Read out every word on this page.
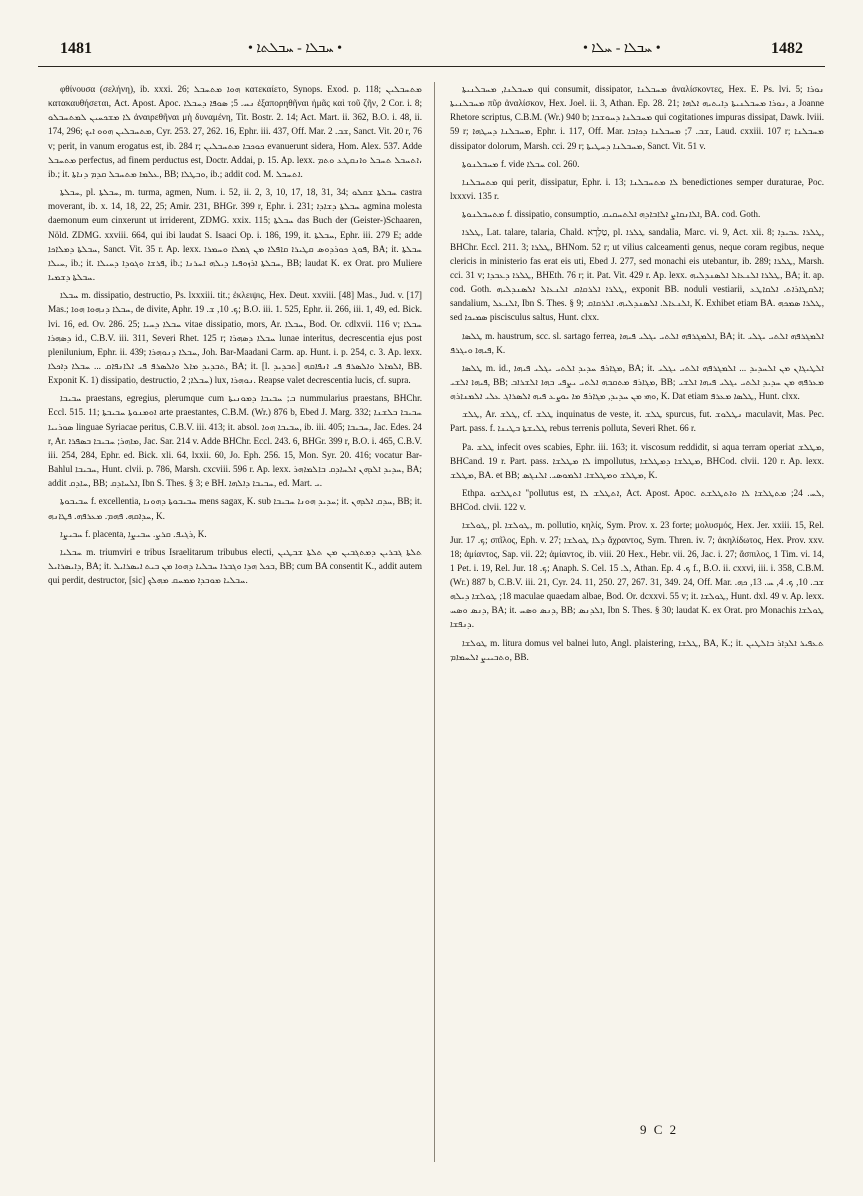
1481	• ܚܒܠܐ - ܚܒܠܬܐ •	• ܚܒܠܐ - ܚܠܐ •	1482

φθίνουσα (σελήνη), ib. xxxi. 26; ܗܘܐ ܡܬܚܒܠ κατεκαίετο, Synops. Exod. p. 118; ܡܬܚܒܠܝܢ κατακαυθήσεται, Act. Apost. Apoc. ܢܚ. 5; ܣܘܦܐ ܕܚܒܠܐ ἐξαπορηθῆναι ἡμᾶς καὶ τοῦ ζῆν, 2 Cor. i. 8; ܠܐ ܡܫܟܚܝܢ ܠܡܬܚܒܠܘ ἀναιρεθῆναι μὴ δυναμένη, Tit. Bostr. 2. 14; Act. Mart. ii. 362, B.O. i. 48, ii. 174, 296; ܡܬܚܒܠܝܢ ܗܘܘ ܐܝܟ, Cyr. 253. 27, 262. 16, Ephr. iii. 437, Off. Mar. ܫܒ. 2, Sanct. Vit. 20 r, 76 v; perit, in vanum erogatus est, ib. 284 r; ܟܘܟܒܐ ܡܬܚܒܠܝܢ evanuerunt sidera, Hom. Alex. 537. Adde ܡܬܚܒܠ perfectus, ad finem perductus est, Doctr. Addai, p. 15. Ap. lexx. ܐܬܚܒܠ ܬܚܒܠ ܘܐܢܩܛܥ ܘܬܡ، ib.; it. ܥܠܡܐ ܡܬܚܒܠ ܩܕܡ ܕܢܐܬܐ, BB; ܘܒܛܠܐ, ib.; addit cod. M. ܐܬܚܒܠ.

ܚܒܠܬܐ, pl. ܚܒܠܬܐ, m. turma, agmen, Num. i. 52, ii. 2, 3, 10, 17, 18, 31, 34; ܚܒܠܬܐ ܫܩܠܘ castra moverant, ib. x. 14, 18, 22, 25; Amir. 231, BHGr. 399 r, Ephr. i. 231; ܚܒܠܬܐ ܕܫܐܕܐ agmina molesta daemonum eum cinxerunt ut irriderent, ZDMG. xxix. 115; ܚܒܠܬܐ das Buch der (Geister-)Schaaren, Nöld. ZDMG. xxviii. 664, qui ibi laudat S. Isaaci Op. i. 186, 199, it. ܚܒܠܬܐ, Ephr. iii. 279 E; adde ܚܒܠܬܐ ܕܡܠܐܟܐ, Sanct. Vit. 35 r. Ap. lexx. ܦܘܓ ܟܘܪܕܘܣ ܩܛܝܪܐ ܩܐܦܠܐ ܡܢ ܓܡܠܐ ܘܚܡܪܐ, BA; it. ܚܒܠܬܐ ܚܝܠܐ, ib.; it. ܦܪܫܐ ܘܓܘܕܐ ܕܚܝܠܐ, ib.; ܚܒܠܬܐ ܐܪܙܘܦܝܐ ܕܝܠܗ ܐܚܪܢܐ, BB; laudat K. ex Orat. pro Muliere ܚܒܠܬܐ ܕܫܡܝܐ.

ܚܒܠܐ m. dissipatio, destructio, Ps. lxxxiii. tit.; ἐκλειψις, Hex. Deut. xxviii. [48] Mas., Jud. v. [17] Mas.; ܚܒܠܐ ܕܢܗܘܐ ܗܘܐ, de divite, Aphr. ܟ. 10, ܫ. 19; B.O. iii. 1. 525, Ephr. ii. 266, iii. 1, 49, ed. Bick. lvi. 16, ed. Ov. 286. 25; ܚܒܠܐ ܕܚܝܐ vitae dissipatio, mors, Ar. ܚܒܠܐ, Bod. Or. cdlxvii. 116 v; ܚܒܠܐ ܕܣܗܪܐ id., C.B.V. iii. 311, Severi Rhet. 125 r; ܚܒܠܐ ܕܣܗܪܐ lunae interitus, decrescentia ejus post plenilunium, Ephr. ii. 439; ܚܒܠܐ ܕܢܘܗܪܐ, Joh. Bar-Maadani Carm. ap. Hunt. i. p. 254, c. 3. Ap. lexx. ܬܒܕܝܕ ܡܐܠ ܘܐܠܣܪܦ ܦܝ ܐܠܐܢܦܐܩ ... ܚܒܠܐ ܕܐܟܠܐ, BA; it. [l. ܬܒܕܝܕ] ܐܠܡܐܠ ܘܐܠܣܪܦ ܦܝ ܐܢܦܐܩܗ, BB. Exponit K. 1) dissipatio, destructio, ܚܒܠܐ; 2) lux, ܢܘܗܪܐ. Reapse valet decrescentia lucis, cf. supra.

ܚܒܝܒܐ praestans, egregius, plerumque cum ܒ; ܚܒܝܒܐ ܕܡܘܢܝܬܐ nummularius praestans, BHChr. Eccl. 515. 11; ܐܘܡܢܘܬܐ ܚܒܝܒܬܐ arte praestantes, C.B.M. (Wr.) 876 b, Ebed J. Marg. 332; ܚܒܝܒܐ ܒܠܫܢܐ ܣܘܪܝܝܐ linguae Syriacae peritus, C.B.V. iii. 413; it. absol. ܚܒܝܒܐ ܗܘܐ, ib. iii. 405; ܚܒܝܒܐ, Jac. Edes. 24 r, Ar. ܡܐܗܪ; ܚܒܝܒܐ ܒܣܦܪܐ, Jac. Sar. 214 v. Adde BHChr. Eccl. 243. 6, BHGr. 399 r, B.O. i. 465, C.B.V. iii. 254, 284, Ephr. ed. Bick. xli. 64, lxxii. 60, Jo. Eph. 256. 15, Mon. Syr. 20. 416; vocatur Bar-Bahlul ܚܒܝܒܐ, Hunt. clvii. p. 786, Marsh. cxcviii. 596 r. Ap. lexx. ܚܕܝܕ ܐܠܕܗܢ ܐܠܚܐܕܩ ܒܐܠܡܐܗܪ, BA; addit ܚܐܕܩ, BB; ܐܠܚܐܕܩ, Ibn S. Thes. § 3; e BH. ܚܒܝܒܐ ܕܐܠܗܐ, ed. Mart. ܝ.

ܚܒܝܒܘܬܐ f. excellentia, ܚܒܝܒܘܬܐ ܕܗܘܢܐ mens sagax, K. sub ܚܕܝܕ ܗܘܢܐ ܚܒܝܒܐ; it. ܚܕܩ ܐܠܕܗܢ, BB; it. ܚܕܐܩܗ. ܦܗܡ. ܡܥܪܦܗ. ܦܛܐܢܗ, K.

ܚܒܝܨܐ f. placenta, ܪܓܝܦ. ܩܪܨ. ܚܒܝܨܐ, K.

ܚܒܠܝܐ m. triumviri e tribus Israelitarum tribubus electi, ܬܠܬܐ ܓܒܪܝܢ ܕܡܬܓܒܝܢ ܡܢ ܬܠܬܐ ܫܒܛܝܢ ܕܐܝܣܪܐܝܠ, BA; it. ܒܟܠ ܗܕܐ ܘܓܒܪܐ ܚܒܠܝܐ ܕܗܘܐ ܡܢ ܒܝܬ ܐܝܣܪܐܝܠ, BB; cum BA consentit K., addit autem qui perdit, destructor, [sic] ܚܒܠܝܐ ܡܘܒܕܐ ܡܡܚܩ ܡܗܠܟ.

ܡܚܒܠܢܐ, ܡܚܒܠܢܝܬܐ qui consumit, dissipator, ܡܚܒܠܢܐ ἀναλίσκοντες, Hex. E. Ps. lvi. 5; ܢܘܪܐ ܡܚܒܠܢܝܬܐ πῦρ ἀναλίσκον, Hex. Joel. ii. 3, Athan. Ep. 28. 21; ܢܘܪܐ ܡܚܒܠܢܝܬܐ ܕܐܝܬܝܗ ܐܠܗܐ, a Joanne Rhetore scriptus, C.B.M. (Wr.) 940 b; ܡܚܒܠܢܐ ܕܚܘܫܒܐ qui cogitationes impuras dissipat, Dawk. lviii. 59 r; ܡܚܒܠܢܐ ܕܚܛܗܐ, Ephr. i. 117, Off. Mar. ܫܒ. 7; ܡܚܒܠܢܐ ܕܟܐܒܐ, Laud. cxxiii. 107 r; ܡܚܒܠܢܐ dissipator dolorum, Marsh. cci. 29 r; ܡܚܒܠܢܐ ܕܚܛܝܬܐ, Sanct. Vit. 51 v.

ܡܚܒܠܢܘܬܐ f. vide ܚܒܠܐ col. 260.

ܡܬܚܒܠܢܐ qui perit, dissipatur, Ephr. i. 13; ܠܐ ܡܬܚܒܠܢܐ benedictiones semper duraturae, Poc. lxxxvi. 135 r.

ܡܬܚܒܠܢܘܬܐ f. dissipatio, consumptio, ܐܠܐܢܩܐܨ ܐܠܐܒܐܕܗ ܐܠܬܚܩܝܩ, BA. cod. Goth.

ܛܠܪܐ, Lat. talare, talaria, Chald. טַלְרָא, pl. ܛܠܪܐ sandalia, Marc. vi. 9, Act. xii. 8; ܛܠܪܐ ܥܒܝܕܐ, BHChr. Eccl. 211. 3; ܛܠܪܐ, BHNom. 52 r; ut vilius calceamenti genus, neque coram regibus, neque clericis in ministerio fas erat eis uti, Ebed J. 277, sed monachi eis utebantur, ib. 289; ܛܠܪܐ, Marsh. cci. 31 v; ܛܠܪܐ ܕܥܒܕܐ, BHEth. 76 r; it. Pat. Vit. 429 r. Ap. lexx. ܛܠܪܐ ܐܠܢܥܐܠ ܐܠܣܢܕܠܝܗ, BA; it. ap. cod. Goth. ܛܠܪܐ ܐܠܪܩܐܩ ܐܠܢܥܐܠ ܐܠܣܢܕܠܝܗ, exponit BB. noduli vestiarii, ܐܠܩܛܐܪܐܬ. ܐܠܩܐܛܥ; sandalium, ܐܠܢܥܠ, Ibn S. Thes. § 9; ܐܠܢܥܐܠ. ܐܠܣܢܕܠܝܗ. ܐܠܪܩܐܩ, K. Exhibet etiam BA. ܛܠܪܐ ܣܡܟܗ, sed ܣܡܝܟܐ piscisculus saltus, Hunt. clxx.

ܛܠܣܐ m. haustrum, scc. sl. sartago ferrea, ܐܠܡܓܪܦܗ ܐܠܬܝ ܝܓܠܝ ܦܝܗܐ, BA; it. ܐܠܡܓܪܦܗ ܐܠܬܝ ܝܓܠܝ ܦܝܗܐ ܘܝܓܪܦ, K.

ܛܠܣܐ m. id., ܡܓܐܪܦ ܚܕܝܕ ܐܠܬܝ ܝܓܠܝ ܦܝܗܐ, BA; it. ܐܠܛܝܓܐܢ ܡܢ ܐܠܚܕܝܕ ... ܐܠܡܓܪܦܗ ܐܠܬܝ ܝܓܠܝ ܦܝܗܐ ܐܠܫܝ, BB; ܡܓܐܪܦ ܡܬܩܒܗ ܐܠܬܝ ܝܨܦܝ ܒܗܐ ܐܠܫܪܐܒ, BB; ܡܥܪܦܗ ܡܢ ܚܕܝܕ ܐܠܬܝ ܝܓܠܝ ܦܝܗܐ ܐܠܫܝ ܘܗܝ ܡܢ ܚܕܝܕ, ܡܓܐܪܦ ܡܐ ܝܘܨܥ ܦܝܗ ܐܠܣܪܐܓ ܥܠܝ ܐܠܡܢܐܪܗ, K. Dat etiam ܛܠܣܐ ܡܥܪܦ, Hunt. clxx.

ܛܠܫ, Ar. ܛܠܫ, cf. ܛܠܫ inquinatus de veste, it. ܛܠܫ spurcus, fut. ܢܛܠܘܫ maculavit, Mas. Pec. Part. pass. f. ܛܠܝܫܬܐ ܒܛܝܢܐ rebus terrenis polluta, Severi Rhet. 66 r.

Pa. ܛܠܫ infecit oves scabies, Ephr. iii. 163; it. viscosum reddidit, si aqua terram operiat ܡܛܠܫ, BHCand. 19 r. Part. pass. ܠܐ ܡܛܠܫܐ impollutus, ܡܛܠܫܐ ܕܡܛܠܫܐ, BHCod. clvii. 120 r. Ap. lexx. ܡܛܠܫ, BA. et BB; ܡܛܠܫ ܘܡܛܠܫܐ. ܐܠܡܘܣܝ. ܐܠܢܓܣ, K.

Ethpa. ܐܬܛܠܫܘ "pollutus est, ܐܬܛܠܫ ܠܐ, Act. Apost. Apoc. ܠܚ. 24; ܡܬܛܠܫܐ ܠܐ ܘܐܬܛܠܫܬ, BHCod. clvii. 122 v.

ܛܘܠܫܐ, pl. ܛܘܠܫܐ, m. pollutio, κηλίς, Sym. Prov. x. 23 forte; μολυσμός, Hex. Jer. xxiii. 15, Rel. Jur. ܟ. 17; σπῖλος, Eph. v. 27; ܕܠܐ ܛܘܠܫܐ ἄχραντος, Sym. Thren. iv. 7; ἀκηλίδωτος, Hex. Prov. xxv. 18; ἀμίαντος, Sap. vii. 22; ἀμίαντος, ib. viii. 20 Hex., Hebr. vii. 26, Jac. i. 27; ἄσπιλος, 1 Tim. vi. 14, 1 Pet. i. 19, Rel. Jur. ܟ. 18; Anaph. S. Cel. ܠ. 15, Athan. Ep. ܟ. 4 f., B.O. ii. cxxvi, iii. i. 358, C.B.M. (Wr.) 887 b, C.B.V. iii. 21, Cyr. 24. 11, 250. 27, 267. 31, 349. 24, Off. Mar. ܫܒ. 10, ܟ. 4, ܚ. 13, ܟܗ. 18; ܛܘܠܫܐ ܕܝܠܗ maculae quaedam albae, Bod. Or. dcxxvi. 55 v; it. ܛܘܠܫܐ, Hunt. dxl. 49 v. Ap. lexx. ܕܢܣ ܘܣܚ, BA; it. ܕܢܣ ܘܣܚ, BB; ܐܠܕܢܣ, Ibn S. Thes. § 30; laudat K. ex Orat. pro Monachis ܛܘܠܫܐ ܕܢܦܫܐ.

ܛܘܠܫܐ m. litura domus vel balnei luto, Angl. plaistering, ܛܠܫܐ, BA, K.; it. ܬܥܦܝܪ ܐܠܕܐܪ ܒܐܠܛܝܢ ܘܬܒܝܝܨ ܐܠܚܡܐܡ, BB.

9 C 2
